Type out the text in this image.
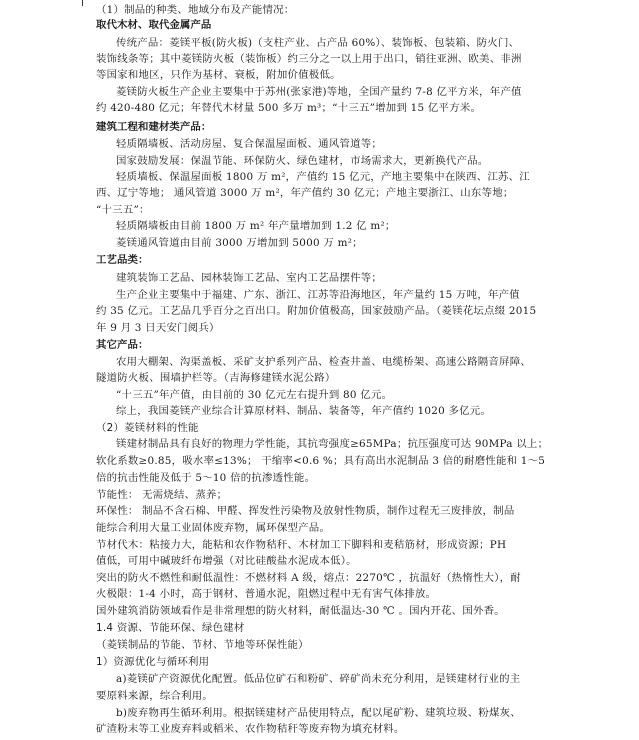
（1）制品的种类、地域分布及产能情况：
取代木材、取代金属产品
传统产品：菱镁平板(防火板)（支柱产业、占产品 60%）、装饰板、包装箱、防火门、
装饰线条等；其中菱镁防火板（装饰板）约三分之一以上用于出口，销往亚洲、欧美、非洲
等国家和地区，只作为基材、衰板，附加价值极低。
菱镁防火板生产企业主要集中于苏州(张家港)等地，全国产量约 7-8 亿平方米，年产值
约 420-480 亿元；年替代木材量 500 多万 m³；“十三五”增加到 15 亿平方米。
建筑工程和建材类产品：
轻质隔墙板、活动房屋、复合保温屋面板、通风管道等；
国家鼓励发展：保温节能、环保防火、绿色建材，市场需求大，更新换代产品。
轻质墙板、保温屋面板 1800 万 m²，产值约 15 亿元，产地主要集中在陕西、江苏、江
西、辽宁等地； 通风管道 3000 万 m²，年产值约 30 亿元；产地主要浙江、山东等地；
“十三五”：
轻质隔墙板由目前 1800 万 m² 年产量增加到 1.2 亿 m²；
菱镁通风管道由目前 3000 万增加到 5000 万 m²；
工艺品类：
建筑装饰工艺品、园林装饰工艺品、室内工艺品摆件等；
生产企业主要集中于福建、广东、浙江、江苏等沿海地区，年产量约 15 万吨，年产值
约 35 亿元。工艺品几乎百分之百出口。附加价值极高，国家鼓励产品。（菱镁花坛点缀 2015
年 9 月 3 日天安门阅兵）
其它产品：
农用大棚架、沟渠盖板、采矿支护系列产品、检查井盖、电缆桥架、高速公路隔音屏障、
隧道防火板、围墙护栏等。（吉海修建镁水泥公路）
“十三五”年产值，由目前的 30 亿元左右提升到 80 亿元。
综上，我国菱镁产业综合计算原材料、制品、装备等，年产值约 1020 多亿元。
（2）菱镁材料的性能
镁建材制品具有良好的物理力学性能，其抗弯强度≥65MPa；抗压强度可达 90MPa 以上；
软化系数≥0.85，吸水率≤13%； 干缩率<0.6 %；具有高出水泥制品 3 倍的耐磨性能和 1～5
倍的抗击性能及低于 5～10 倍的抗渗透性能。
节能性： 无需烧结、蒸养；
环保性： 制品不含石棉、甲醛、挥发性污染物及放射性物质，制作过程无三废排放，制品
能综合利用大量工业固体废弃物，属环保型产品。
节材代木：粘接力大，能粘和农作物秸秆、木材加工下脚料和麦秸筋材，形成资源；PH
值低，可用中碱玻纤布增强（对比硅酸盐水泥成本低）。
突出的防火不燃性和耐低温性：不燃材料 A 级，熔点：2270℃ ，抗温好（热惰性大），耐
火极限：1-4 小时，高于钢材、普通水泥，阻燃过程中无有害气体排放。
国外建筑消防领域看作是非常理想的防火材料，耐低温达-30 ℃ 。国内开花、国外香。
1.4 资源、节能环保、绿色建材
（菱镁制品的节能、节材、节地等环保性能）
1）资源优化与循环利用
a)菱镁矿产资源优化配置。低品位矿石和粉矿、碎矿尚未充分利用，是镁建材行业的主
要原料来源，综合利用。
b)废弃物再生循环利用。根据镁建材产品使用特点，配以尾矿粉、建筑垃圾、粉煤灰、
矿渣粉末等工业废弃料或稻米、农作物秸秆等废弃物为填充材料。
